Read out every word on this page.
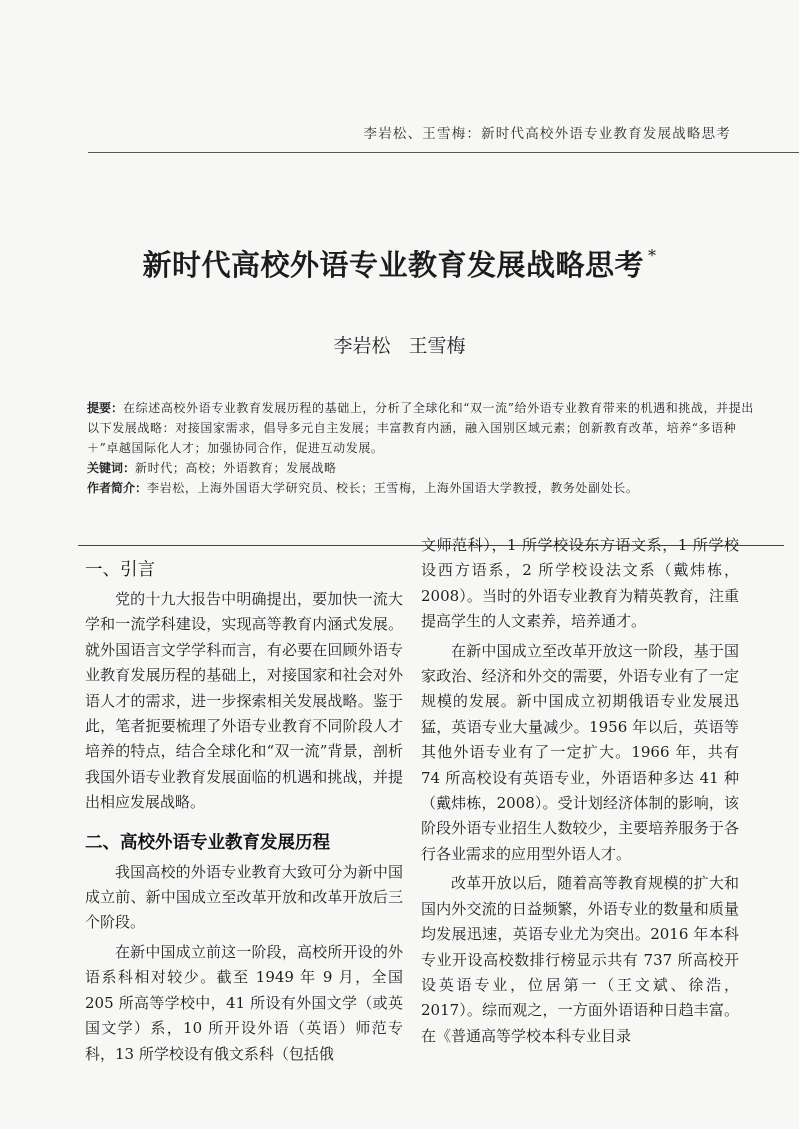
李岩松、王雪梅：新时代高校外语专业教育发展战略思考
新时代高校外语专业教育发展战略思考 *
李岩松 王雪梅

提要：在综述高校外语专业教育发展历程的基础上，分析了全球化和“双一流”给外语专业教育带来的机遇和挑战，并提出以下发展战略：对接国家需求，倡导多元自主发展；丰富教育内涵，融入国别区域元素；创新教育改革，培养“多语种＋”卓越国际化人才；加强协同合作，促进互动发展。

关键词：新时代；高校；外语教育；发展战略

作者简介：李岩松，上海外国语大学研究员、校长；王雪梅，上海外国语大学教授，教务处副处长。

一、引言

党的十九大报告中明确提出，要加快一流大学和一流学科建设，实现高等教育内涵式发展。就外国语言文学学科而言，有必要在回顾外语专业教育发展历程的基础上，对接国家和社会对外语人才的需求，进一步探索相关发展战略。鉴于此，笔者扼要梳理了外语专业教育不同阶段人才培养的特点，结合全球化和“双一流”背景，剖析我国外语专业教育发展面临的机遇和挑战，并提出相应发展战略。

二、高校外语专业教育发展历程

我国高校的外语专业教育大致可分为新中国成立前、新中国成立至改革开放和改革开放后三个阶段。

在新中国成立前这一阶段，高校所开设的外语系科相对较少。截至 1949 年 9 月，全国 205 所高等学校中，41 所设有外国文学（或英国文学）系，10 所开设外语（英语）师范专科，13 所学校设有俄文系科（包括俄

文师范科），1 所学校设东方语文系，1 所学校设西方语系，2 所学校设法文系（戴炜栋，2008）。当时的外语专业教育为精英教育，注重提高学生的人文素养，培养通才。

在新中国成立至改革开放这一阶段，基于国家政治、经济和外交的需要，外语专业有了一定规模的发展。新中国成立初期俄语专业发展迅猛，英语专业大量减少。1956 年以后，英语等其他外语专业有了一定扩大。1966 年，共有 74 所高校设有英语专业，外语语种多达 41 种（戴炜栋，2008）。受计划经济体制的影响，该阶段外语专业招生人数较少，主要培养服务于各行各业需求的应用型外语人才。

改革开放以后，随着高等教育规模的扩大和国内外交流的日益频繁，外语专业的数量和质量均发展迅速，英语专业尤为突出。2016 年本科专业开设高校数排行榜显示共有 737 所高校开设英语专业，位居第一（王文斌、徐浩，2017）。综而观之，一方面外语语种日趋丰富。在《普通高等学校本科专业目录
